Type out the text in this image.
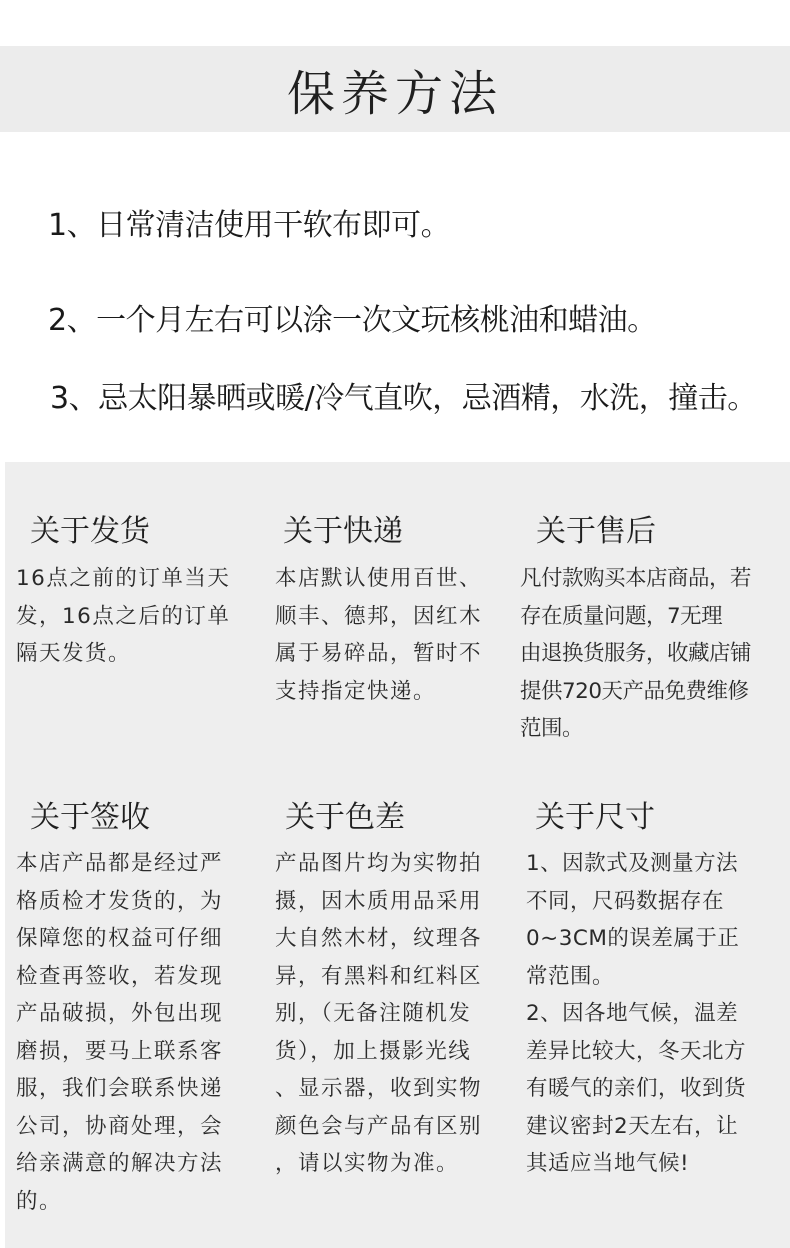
保养方法
1、日常清洁使用干软布即可。
2、一个月左右可以涂一次文玩核桃油和蜡油。
3、忌太阳暴晒或暖/冷气直吹，忌酒精，水洗，撞击。
关于发货
16点之前的订单当天
发，16点之后的订单
隔天发货。
关于快递
本店默认使用百世、
顺丰、德邦，因红木
属于易碎品，暂时不
支持指定快递。
关于售后
凡付款购买本店商品，若
存在质量问题，7无理
由退换货服务，收藏店铺
提供720天产品免费维修
范围。
关于签收
本店产品都是经过严
格质检才发货的，为
保障您的权益可仔细
检查再签收，若发现
产品破损，外包出现
磨损，要马上联系客
服，我们会联系快递
公司，协商处理，会
给亲满意的解决方法
的。
关于色差
产品图片均为实物拍
摄，因木质用品采用
大自然木材，纹理各
异，有黑料和红料区
别，（无备注随机发
货），加上摄影光线
、显示器，收到实物
颜色会与产品有区别
，请以实物为准。
关于尺寸
1、因款式及测量方法
不同，尺码数据存在
0~3CM的误差属于正
常范围。
2、因各地气候，温差
差异比较大，冬天北方
有暖气的亲们，收到货
建议密封2天左右，让
其适应当地气候!
